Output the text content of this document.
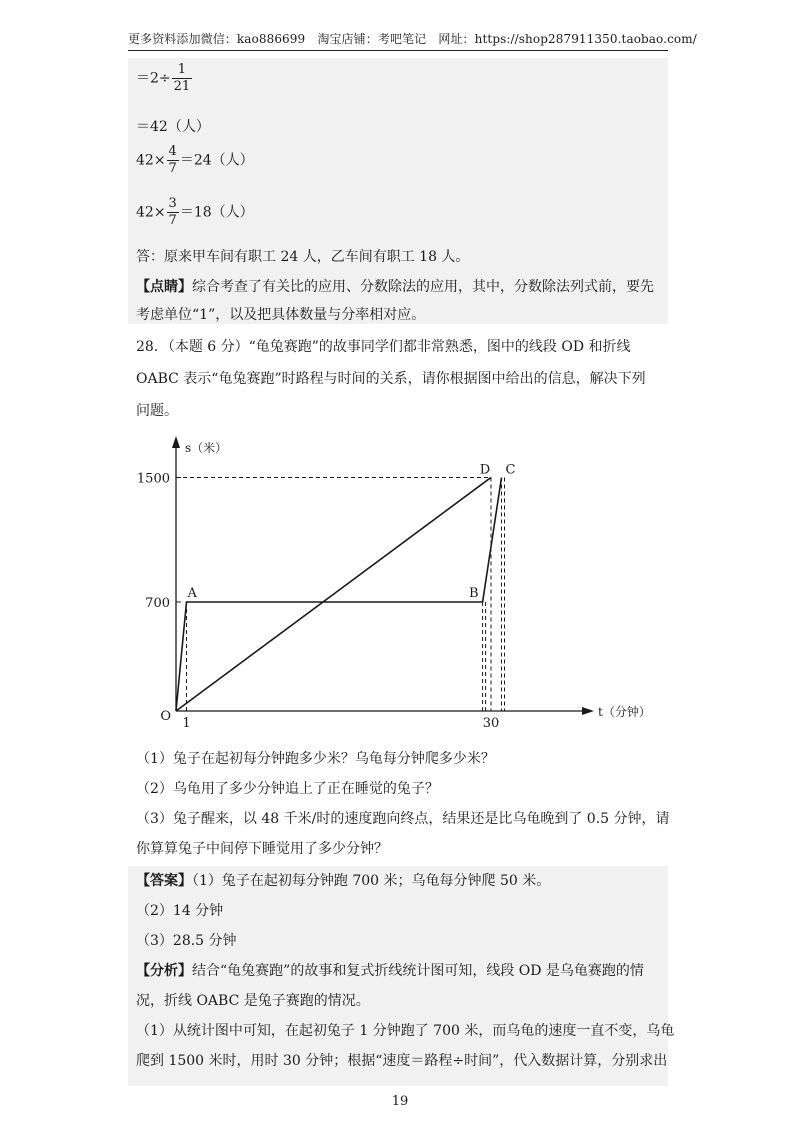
更多资料添加微信：kao886699　淘宝店铺：考吧笔记　网址：https://shop287911350.taobao.com/
$=2\div \frac{1}{21}$
＝42（人）
$42\times \frac{4}{7} =24$（人）
$42\times \frac{3}{7} =18$（人）
答：原来甲车间有职工 24 人，乙车间有职工 18 人。
【点睛】综合考查了有关比的应用、分数除法的应用，其中，分数除法列式前，要先
考虑单位“1”，以及把具体数量与分率相对应。
28．（本题 6 分）“龟兔赛跑”的故事同学们都非常熟悉，图中的线段 OD 和折线
OABC 表示“龟兔赛跑”时路程与时间的关系，请你根据图中给出的信息，解决下列
问题。
s（米）
t（分钟）
O
1500
700
A	B
D C
1	30
（1）兔子在起初每分钟跑多少米？乌龟每分钟爬多少米？
（2）乌龟用了多少分钟追上了正在睡觉的兔子？
（3）兔子醒来，以 48 千米/时的速度跑向终点，结果还是比乌龟晚到了 0.5 分钟，请
你算算兔子中间停下睡觉用了多少分钟？
【答案】（1）兔子在起初每分钟跑 700 米；乌龟每分钟爬 50 米。
（2）14 分钟
（3）28.5 分钟
【分析】结合“龟兔赛跑”的故事和复式折线统计图可知，线段 OD 是乌龟赛跑的情
况，折线 OABC 是兔子赛跑的情况。
（1）从统计图中可知，在起初兔子 1 分钟跑了 700 米，而乌龟的速度一直不变，乌龟
爬到 1500 米时，用时 30 分钟；根据“速度＝路程÷时间”，代入数据计算，分别求出
19
